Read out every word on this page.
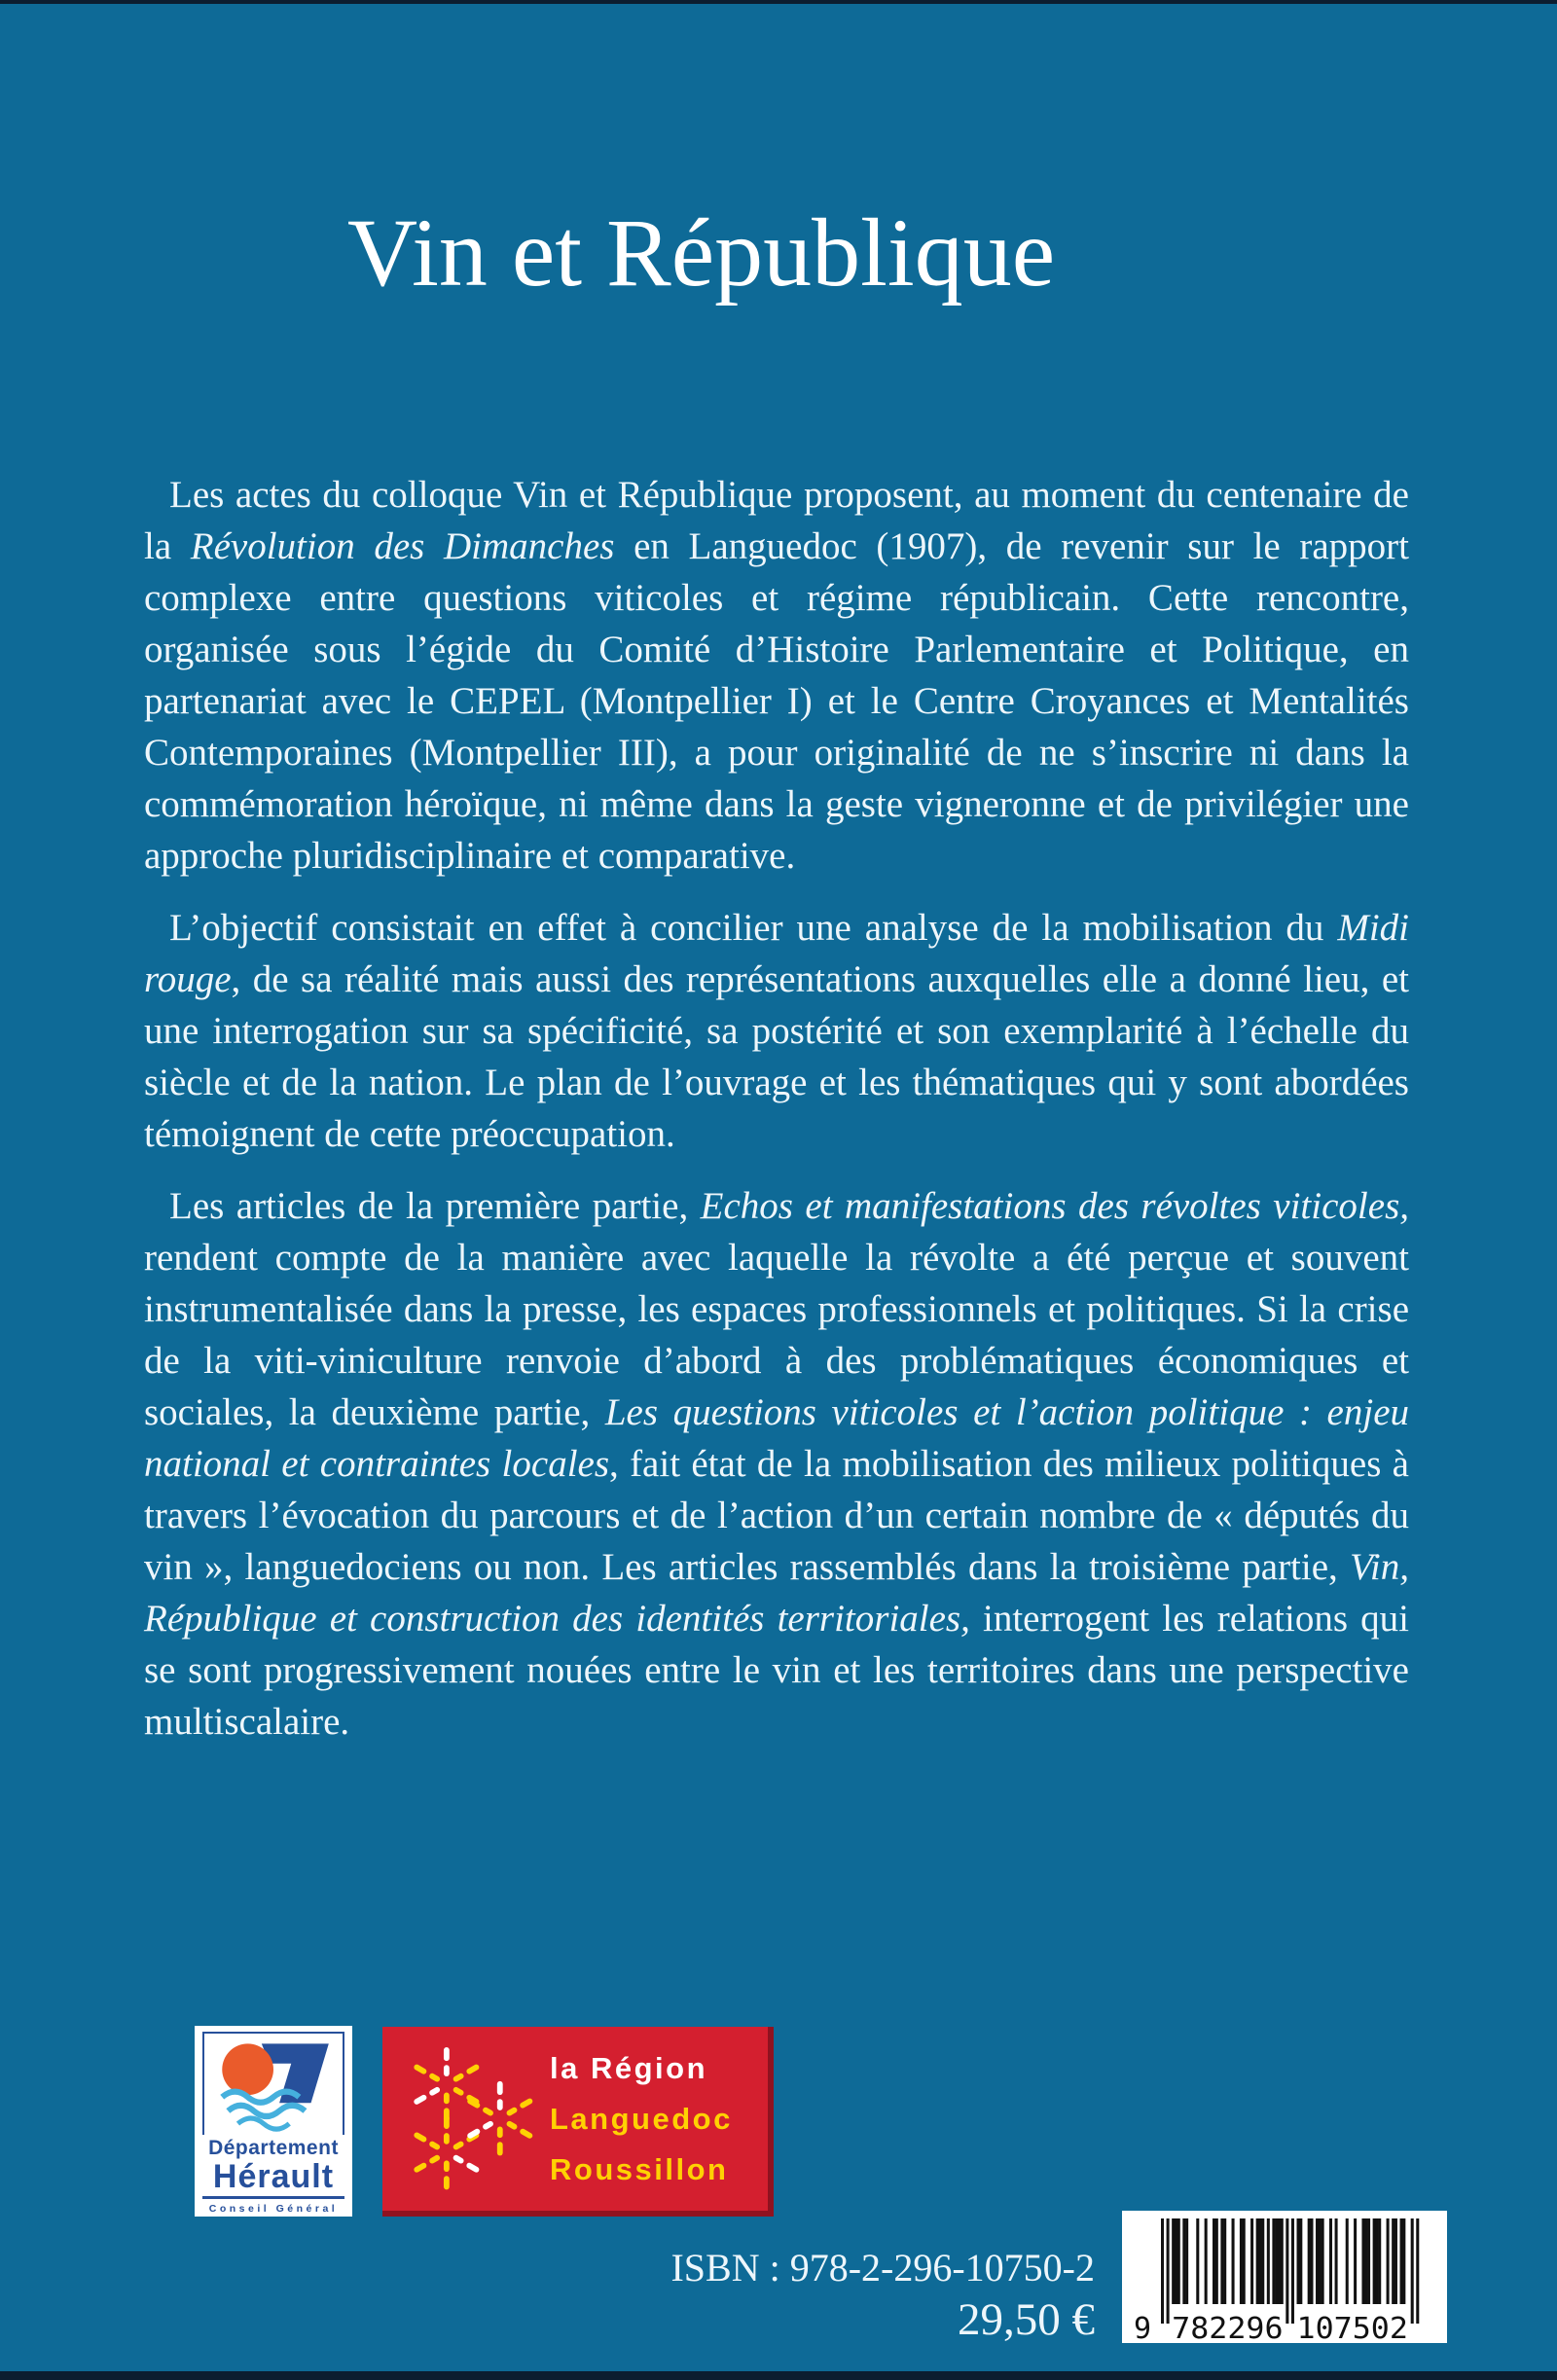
Vin et République

Les actes du colloque Vin et République proposent, au moment du centenaire de la Révolution des Dimanches en Languedoc (1907), de revenir sur le rapport complexe entre questions viticoles et régime républicain. Cette rencontre, organisée sous l’égide du Comité d’Histoire Parlementaire et Politique, en partenariat avec le CEPEL (Montpellier I) et le Centre Croyances et Mentalités Contemporaines (Montpellier III), a pour originalité de ne s’inscrire ni dans la commémoration héroïque, ni même dans la geste vigneronne et de privilégier une approche pluridisciplinaire et comparative.

L’objectif consistait en effet à concilier une analyse de la mobilisation du Midi rouge, de sa réalité mais aussi des représentations auxquelles elle a donné lieu, et une interrogation sur sa spécificité, sa postérité et son exemplarité à l’échelle du siècle et de la nation. Le plan de l’ouvrage et les thématiques qui y sont abordées témoignent de cette préoccupation.

Les articles de la première partie, Echos et manifestations des révoltes viticoles, rendent compte de la manière avec laquelle la révolte a été perçue et souvent instrumentalisée dans la presse, les espaces professionnels et politiques. Si la crise de la viti-viniculture renvoie d’abord à des problématiques économiques et sociales, la deuxième partie, Les questions viticoles et l’action politique : enjeu national et contraintes locales, fait état de la mobilisation des milieux politiques à travers l’évocation du parcours et de l’action d’un certain nombre de « députés du vin », languedociens ou non. Les articles rassemblés dans la troisième partie, Vin, République et construction des identités territoriales, interrogent les relations qui se sont progressivement nouées entre le vin et les territoires dans une perspective multiscalaire.

Département
Hérault
Conseil Général
la Région
Languedoc
Roussillon
ISBN : 978-2-296-10750-2
29,50 € 9 782296 107502
